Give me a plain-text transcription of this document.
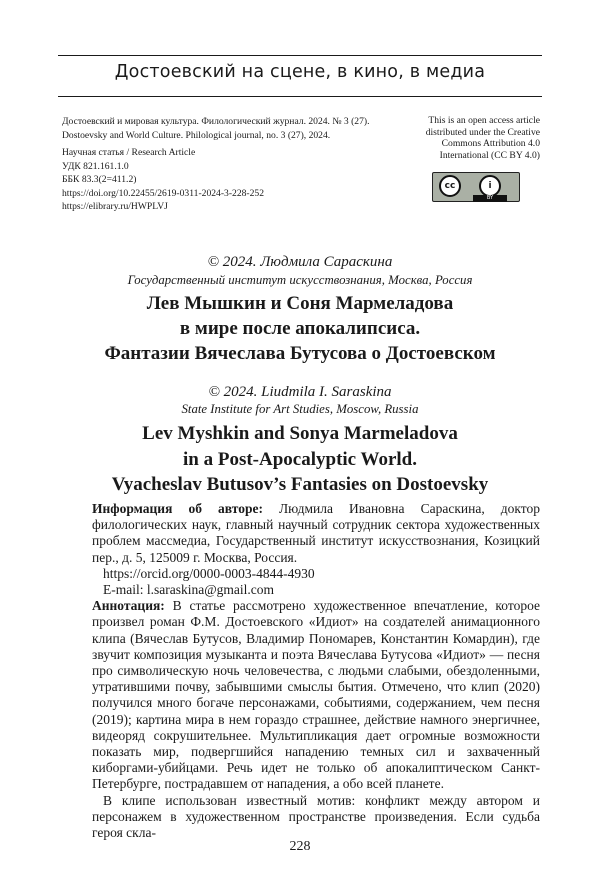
Достоевский на сцене, в кино, в медиа
Достоевский и мировая культура. Филологический журнал. 2024. № 3 (27).
Dostoevsky and World Culture. Philological journal, no. 3 (27), 2024.
Научная статья / Research Article
УДК 821.161.1.0
ББК 83.3(2=411.2)
https://doi.org/10.22455/2619-0311-2024-3-228-252
https://elibrary.ru/HWPLVJ
This is an open access article
distributed under the Creative
Commons Attribution 4.0
International (CC BY 4.0)
cc	i
BY
© 2024. Людмила Сараскина
Государственный институт искусствознания, Москва, Россия
Лев Мышкин и Соня Мармеладова
в мире после апокалипсиса.
Фантазии Вячеслава Бутусова о Достоевском
© 2024. Liudmila I. Saraskina
State Institute for Art Studies, Moscow, Russia
Lev Myshkin and Sonya Marmeladova
in a Post-Apocalyptic World.
Vyacheslav Butusov’s Fantasies on Dostoevsky

Информация об авторе: Людмила Ивановна Сараскина, доктор филологических наук, главный научный сотрудник сектора художественных проблем массмедиа, Государственный институт искусствознания, Козицкий пер., д. 5, 125009 г. Москва, Россия.

https://orcid.org/0000-0003-4844-4930

E-mail: l.saraskina@gmail.com

Аннотация: В статье рассмотрено художественное впечатление, которое произвел роман Ф.М. Достоевского «Идиот» на создателей анимационного клипа (Вячеслав Бутусов, Владимир Пономарев, Константин Комардин), где звучит композиция музыканта и поэта Вячеслава Бутусова «Идиот» — песня про символическую ночь человечества, с людьми слабыми, обездоленными, утратившими почву, забывшими смыслы бытия. Отмечено, что клип (2020) получился много богаче персонажами, событиями, содержанием, чем песня (2019); картина мира в нем гораздо страшнее, действие намного энергичнее, видеоряд сокрушительнее. Мультипликация дает огромные возможности показать мир, подвергшийся нападению темных сил и захваченный киборгами-убийцами. Речь идет не только об апокалиптическом Санкт-Петербурге, пострадавшем от нападения, а обо всей планете.

В клипе использован известный мотив: конфликт между автором и персонажем в художественном пространстве произведения. Если судьба героя скла-

228
